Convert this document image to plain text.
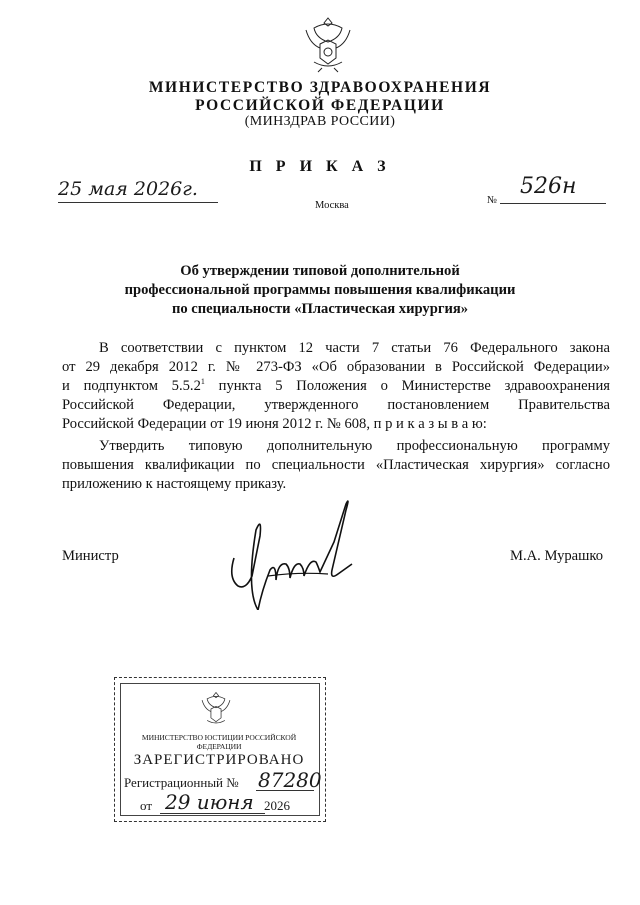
МИНИСТЕРСТВО ЗДРАВООХРАНЕНИЯ
РОССИЙСКОЙ ФЕДЕРАЦИИ
(МИНЗДРАВ РОССИИ)
П Р И К А З
25 мая 2026г.
Москва	№
526н
Об утверждении типовой дополнительной
профессиональной программы повышения квалификации
по специальности «Пластическая хирургия»
В соответствии с пунктом 12 части 7 статьи 76 Федерального закона
от 29 декабря 2012 г. № 273-ФЗ «Об образовании в Российской Федерации»
и подпунктом 5.5.2$^1$ пункта 5 Положения о Министерстве здравоохранения
Российской Федерации, утвержденного постановлением Правительства
Российской Федерации от 19 июня 2012 г. № 608, п р и к а з ы в а ю:
Утвердить типовую дополнительную профессиональную программу
повышения квалификации по специальности «Пластическая хирургия» согласно
приложению к настоящему приказу.
Министр	М.А. Мурашко
МИНИСТЕРСТВО ЮСТИЦИИ РОССИЙСКОЙ ФЕДЕРАЦИИ
ЗАРЕГИСТРИРОВАНО
Регистрационный № 87280
от 29 июня 2026
